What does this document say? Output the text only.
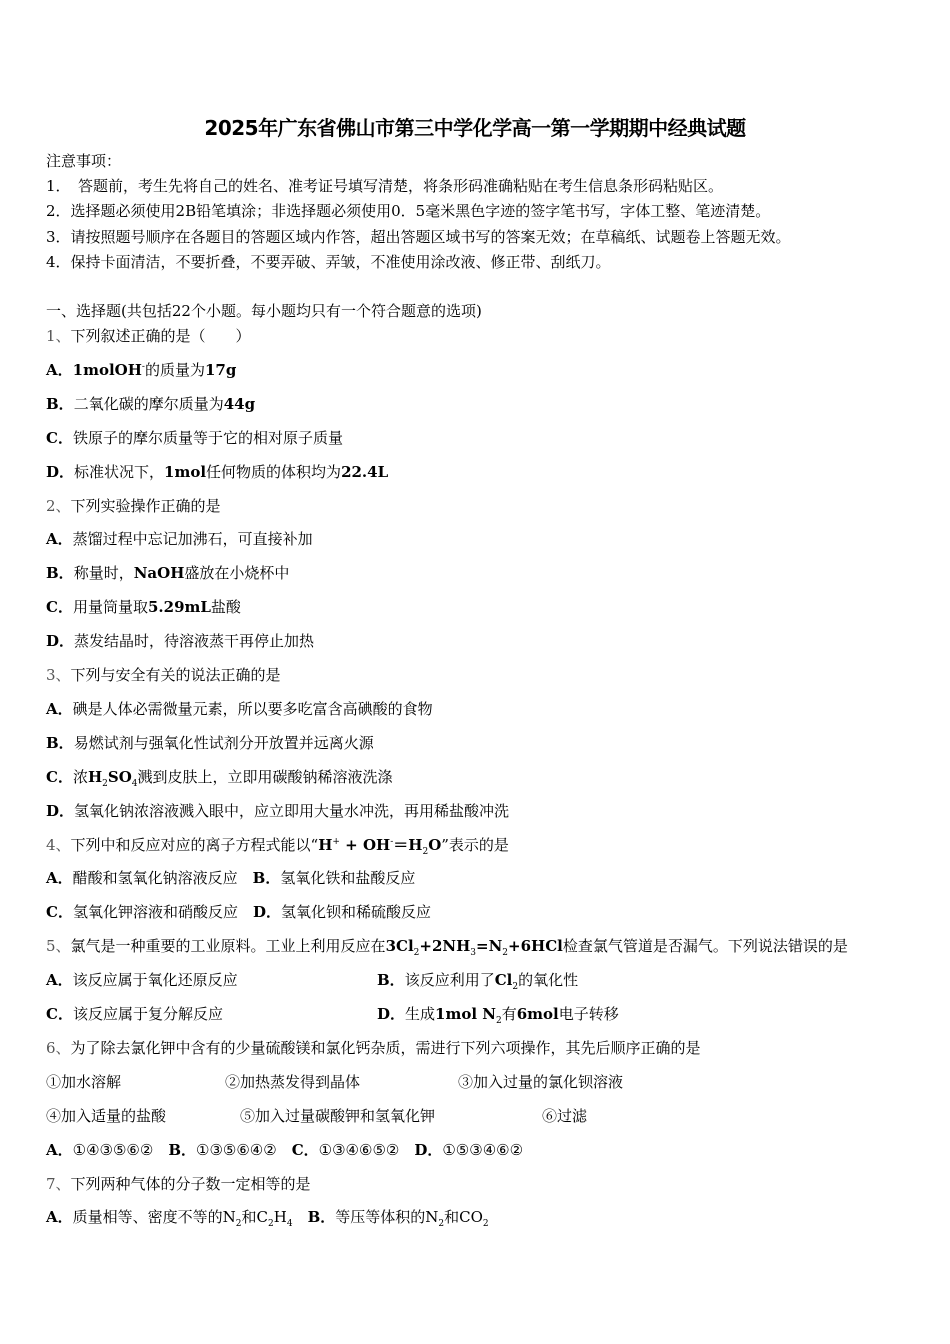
2025年广东省佛山市第三中学化学高一第一学期期中经典试题
注意事项：
1．　答题前，考生先将自己的姓名、准考证号填写清楚，将条形码准确粘贴在考生信息条形码粘贴区。
2．选择题必须使用2B铅笔填涂；非选择题必须使用0．5毫米黑色字迹的签字笔书写，字体工整、笔迹清楚。
3．请按照题号顺序在各题目的答题区域内作答，超出答题区域书写的答案无效；在草稿纸、试题卷上答题无效。
4．保持卡面清洁，不要折叠，不要弄破、弄皱，不准使用涂改液、修正带、刮纸刀。
一、选择题(共包括22个小题。每小题均只有一个符合题意的选项)
1、下列叙述正确的是（　　）
A．1molOH-的质量为17g
B．二氧化碳的摩尔质量为44g
C．铁原子的摩尔质量等于它的相对原子质量
D．标准状况下，1mol任何物质的体积均为22.4L
2、下列实验操作正确的是
A．蒸馏过程中忘记加沸石，可直接补加
B．称量时，NaOH盛放在小烧杯中
C．用量筒量取5.29mL盐酸
D．蒸发结晶时，待溶液蒸干再停止加热
3、下列与安全有关的说法正确的是
A．碘是人体必需微量元素，所以要多吃富含高碘酸的食物
B．易燃试剂与强氧化性试剂分开放置并远离火源
C．浓$H_2SO_4$溅到皮肤上，立即用碳酸钠稀溶液洗涤
D．氢氧化钠浓溶液溅入眼中，应立即用大量水冲洗，再用稀盐酸冲洗
4、下列中和反应对应的离子方程式能以“$H^+ + OH^-=H_2O$”表示的是
A．醋酸和氢氧化钠溶液反应　B．氢氧化铁和盐酸反应
C．氢氧化钾溶液和硝酸反应　D．氢氧化钡和稀硫酸反应
5、氯气是一种重要的工业原料。工业上利用反应在$3Cl_2+2NH_3=N_2+6HCl$检查氯气管道是否漏气。下列说法错误的是
A．该反应属于氧化还原反应	B．该反应利用了$Cl_2$的氧化性
C．该反应属于复分解反应	D．生成1mol $N_2$有6mol电子转移
6、为了除去氯化钾中含有的少量硫酸镁和氯化钙杂质，需进行下列六项操作，其先后顺序正确的是
①加水溶解	②加热蒸发得到晶体	③加入过量的氯化钡溶液
④加入适量的盐酸	⑤加入过量碳酸钾和氢氧化钾	⑥过滤
A．①④③⑤⑥②　B．①③⑤⑥④②　C．①③④⑥⑤②　D．①⑤③④⑥②
7、下列两种气体的分子数一定相等的是
A．质量相等、密度不等的$N_2$和$C_2H_4$　 B．等压等体积的$N_2$和$CO_2$
